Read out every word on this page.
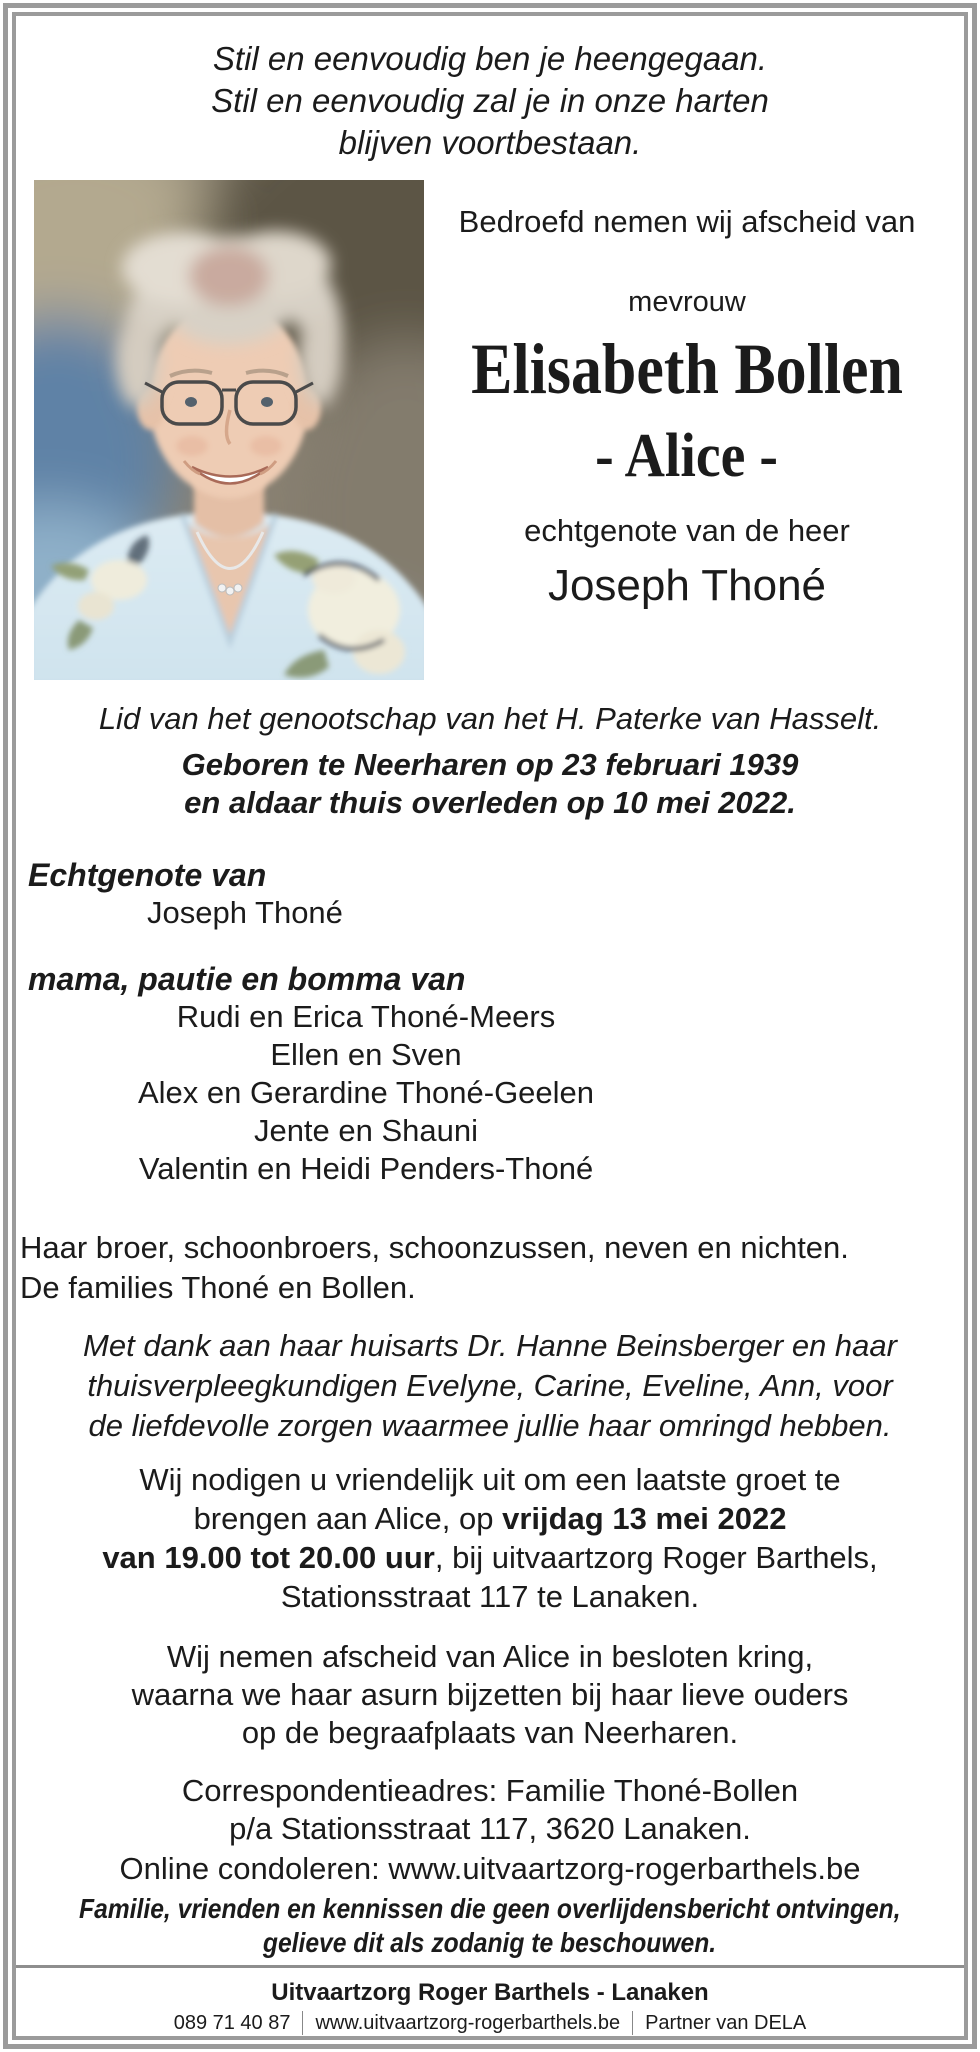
Stil en eenvoudig ben je heengegaan.
Stil en eenvoudig zal je in onze harten
blijven voortbestaan.
Bedroefd nemen wij afscheid van
mevrouw
Elisabeth Bollen
- Alice -
echtgenote van de heer
Joseph Thoné
Lid van het genootschap van het H. Paterke van Hasselt.
Geboren te Neerharen op 23 februari 1939
en aldaar thuis overleden op 10 mei 2022.
Echtgenote van
Joseph Thoné
mama, pautie en bomma van
Rudi en Erica Thoné-Meers
Ellen en Sven
Alex en Gerardine Thoné-Geelen
Jente en Shauni
Valentin en Heidi Penders-Thoné
Haar broer, schoonbroers, schoonzussen, neven en nichten.
De families Thoné en Bollen.
Met dank aan haar huisarts Dr. Hanne Beinsberger en haar
thuisverpleegkundigen Evelyne, Carine, Eveline, Ann, voor
de liefdevolle zorgen waarmee jullie haar omringd hebben.
Wij nodigen u vriendelijk uit om een laatste groet te
brengen aan Alice, op vrijdag 13 mei 2022
van 19.00 tot 20.00 uur, bij uitvaartzorg Roger Barthels,
Stationsstraat 117 te Lanaken.
Wij nemen afscheid van Alice in besloten kring,
waarna we haar asurn bijzetten bij haar lieve ouders
op de begraafplaats van Neerharen.
Correspondentieadres: Familie Thoné-Bollen
p/a Stationsstraat 117, 3620 Lanaken.
Online condoleren: www.uitvaartzorg-rogerbarthels.be
Familie, vrienden en kennissen die geen overlijdensbericht ontvingen,
gelieve dit als zodanig te beschouwen.
Uitvaartzorg Roger Barthels - Lanaken
089 71 40 87 www.uitvaartzorg-rogerbarthels.be Partner van DELA
